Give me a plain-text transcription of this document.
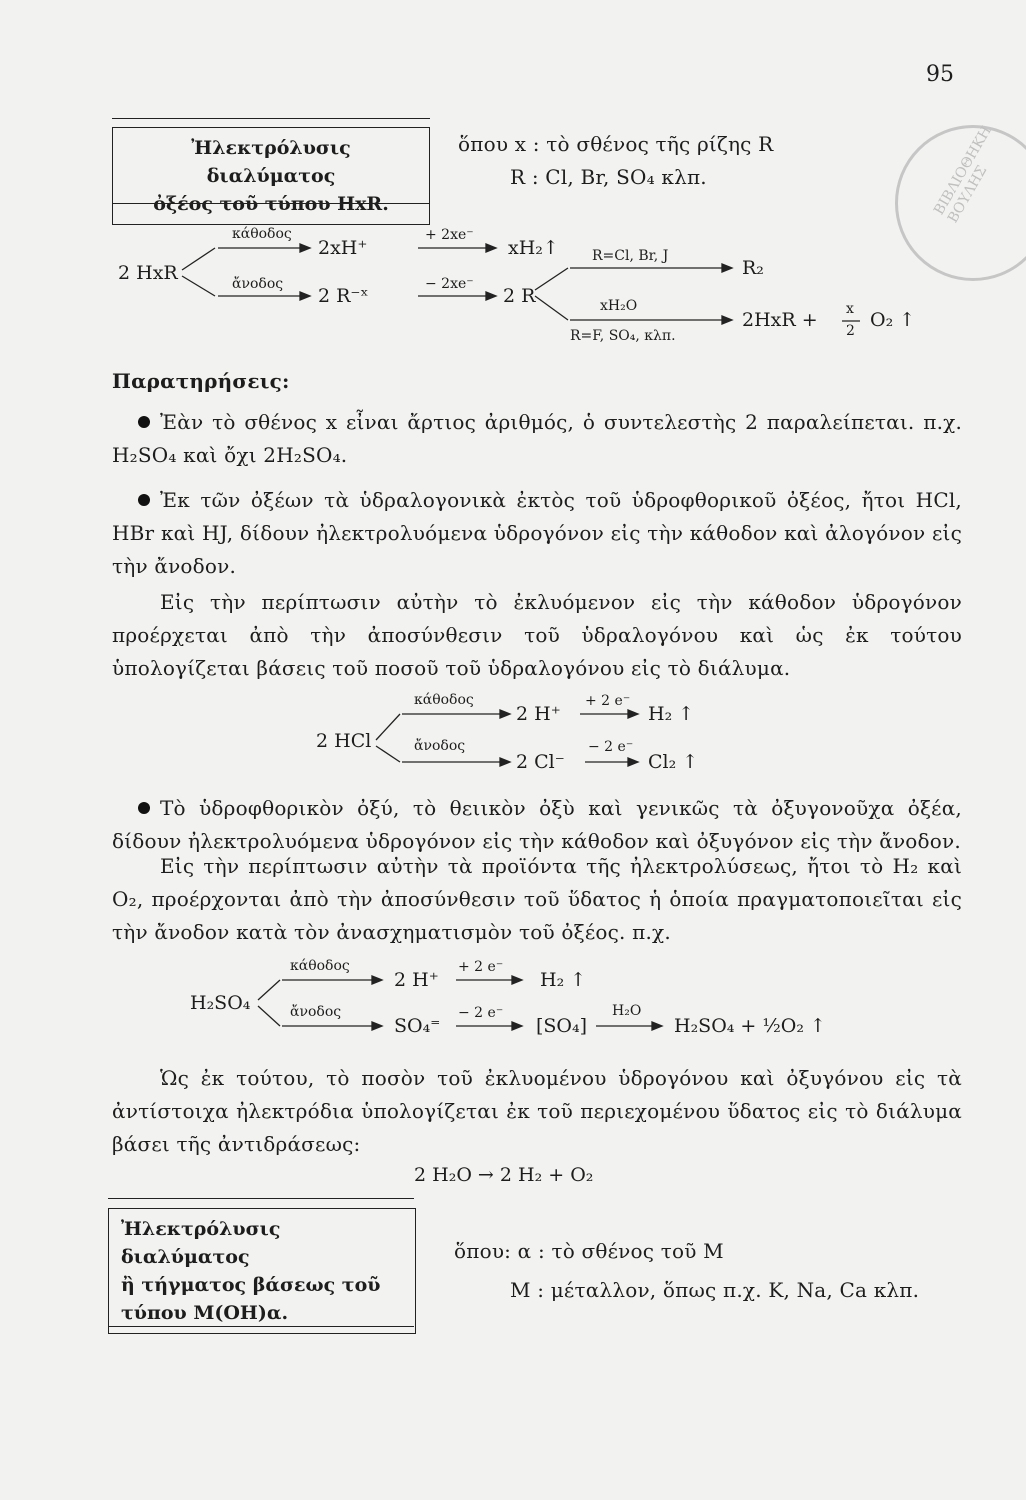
95
ΒΙΒΛΙΟΘΗΚΗ ΒΟΥΛΗΣ
Ἠλεκτρόλυσις διαλύματος
ὀξέος τοῦ τύπου HxR.
ὅπου x : τὸ σθένος τῆς ρίζης R
R : Cl, Br, SO₄ κλπ.
2 HxR
κάθοδος
ἄνοδος
2xH⁺
+ 2xe⁻
xH₂↑
2 R⁻ˣ
− 2xe⁻
2 R
R=Cl, Br, J
R₂
xH₂O
R=F, SO₄, κλπ.
2HxR + x
2 O₂ ↑
Παρατηρήσεις:
Ἐὰν τὸ σθένος x εἶναι ἄρτιος ἀριθμός, ὁ συντελεστὴς 2 παραλείπεται. π.χ. H₂SO₄ καὶ ὄχι 2H₂SO₄.
Ἐκ τῶν ὀξέων τὰ ὑδραλογονικὰ ἐκτὸς τοῦ ὑδροφθορικοῦ ὀξέος, ἤτοι HCl, HBr καὶ HJ, δίδουν ἠλεκτρολυόμενα ὑδρογόνον εἰς τὴν κάθοδον καὶ ἀλογόνον εἰς τὴν ἄνοδον.
Εἰς τὴν περίπτωσιν αὐτὴν τὸ ἐκλυόμενον εἰς τὴν κάθοδον ὑδρογόνον προέρχεται ἀπὸ τὴν ἀποσύνθεσιν τοῦ ὑδραλογόνου καὶ ὡς ἐκ τούτου ὑπολογίζεται βάσεις τοῦ ποσοῦ τοῦ ὑδραλογόνου εἰς τὸ διάλυμα.
2 HCl
κάθοδος
ἄνοδος
2 H⁺
+ 2 e⁻
H₂ ↑
2 Cl⁻
− 2 e⁻
Cl₂ ↑
Τὸ ὑδροφθορικὸν ὀξύ, τὸ θειικὸν ὀξὺ καὶ γενικῶς τὰ ὀξυγονοῦχα ὀξέα, δίδουν ἠλεκτρολυόμενα ὑδρογόνον εἰς τὴν κάθοδον καὶ ὀξυγόνον εἰς τὴν ἄνοδον.
Εἰς τὴν περίπτωσιν αὐτὴν τὰ προϊόντα τῆς ἠλεκτρολύσεως, ἤτοι τὸ H₂ καὶ O₂, προέρχονται ἀπὸ τὴν ἀποσύνθεσιν τοῦ ὕδατος ἡ ὁποία πραγματοποιεῖται εἰς τὴν ἄνοδον κατὰ τὸν ἀνασχηματισμὸν τοῦ ὀξέος. π.χ.
H₂SO₄
κάθοδος
ἄνοδος
2 H⁺
+ 2 e⁻
H₂ ↑
SO₄⁼
− 2 e⁻
[SO₄]
H₂O
H₂SO₄ + ½O₂ ↑
Ὡς ἐκ τούτου, τὸ ποσὸν τοῦ ἐκλυομένου ὑδρογόνου καὶ ὀξυγόνου εἰς τὰ ἀντίστοιχα ἠλεκτρόδια ὑπολογίζεται ἐκ τοῦ περιεχομένου ὕδατος εἰς τὸ διάλυμα βάσει τῆς ἀντιδράσεως:
2 H₂O → 2 H₂ + O₂
Ἠλεκτρόλυσις διαλύματος
ἢ τήγματος βάσεως τοῦ
τύπου M(OH)α.
ὅπου: α : τὸ σθένος τοῦ M
M : μέταλλον, ὅπως π.χ. K, Na, Ca κλπ.
